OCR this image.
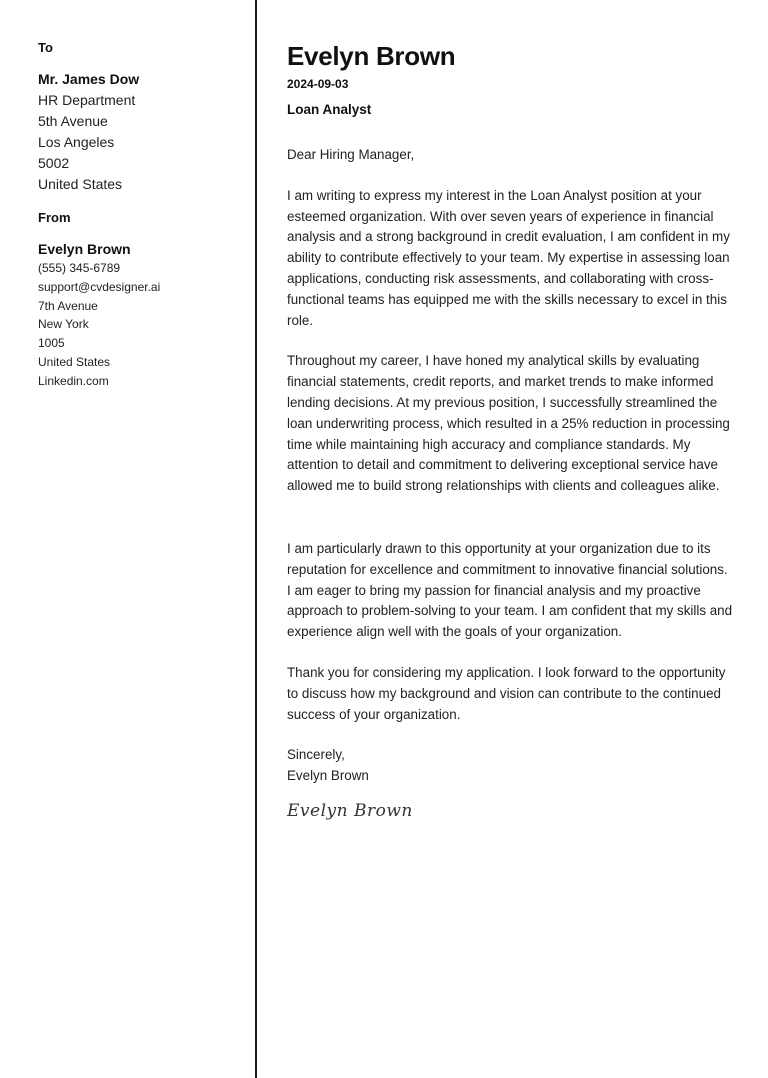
To
Mr. James Dow
HR Department
5th Avenue
Los Angeles
5002
United States
From
Evelyn Brown
(555) 345-6789
support@cvdesigner.ai
7th Avenue
New York
1005
United States
Linkedin.com
Evelyn Brown
2024-09-03
Loan Analyst

Dear Hiring Manager,

I am writing to express my interest in the Loan Analyst position at your esteemed organization. With over seven years of experience in financial analysis and a strong background in credit evaluation, I am confident in my ability to contribute effectively to your team. My expertise in assessing loan applications, conducting risk assessments, and collaborating with cross-functional teams has equipped me with the skills necessary to excel in this role.

Throughout my career, I have honed my analytical skills by evaluating financial statements, credit reports, and market trends to make informed lending decisions. At my previous position, I successfully streamlined the loan underwriting process, which resulted in a 25% reduction in processing time while maintaining high accuracy and compliance standards. My attention to detail and commitment to delivering exceptional service have allowed me to build strong relationships with clients and colleagues alike.

I am particularly drawn to this opportunity at your organization due to its reputation for excellence and commitment to innovative financial solutions. I am eager to bring my passion for financial analysis and my proactive approach to problem-solving to your team. I am confident that my skills and experience align well with the goals of your organization.

Thank you for considering my application. I look forward to the opportunity to discuss how my background and vision can contribute to the continued success of your organization.

Sincerely,

Evelyn Brown

Evelyn Brown
